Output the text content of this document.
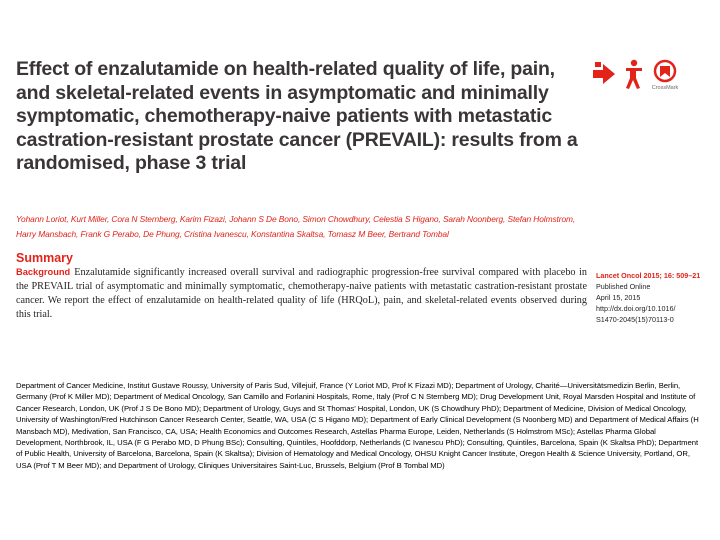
Effect of enzalutamide on health-related quality of life, pain, and skeletal-related events in asymptomatic and minimally symptomatic, chemotherapy-naive patients with metastatic castration-resistant prostate cancer (PREVAIL): results from a randomised, phase 3 trial
CrossMark
Yohann Loriot, Kurt Miller, Cora N Sternberg, Karim Fizazi, Johann S De Bono, Simon Chowdhury, Celestia S Higano, Sarah Noonberg, Stefan Holmstrom, Harry Mansbach, Frank G Perabo, De Phung, Cristina Ivanescu, Konstantina Skaltsa, Tomasz M Beer, Bertrand Tombal
Summary
Background Enzalutamide significantly increased overall survival and radiographic progression-free survival compared with placebo in the PREVAIL trial of asymptomatic and minimally symptomatic, chemotherapy-naive patients with metastatic castration-resistant prostate cancer. We report the effect of enzalutamide on health-related quality of life (HRQoL), pain, and skeletal-related events observed during this trial.
Lancet Oncol 2015; 16: 509–21
Published Online
April 15, 2015
http://dx.doi.org/10.1016/
S1470-2045(15)70113-0
Department of Cancer Medicine, Institut Gustave Roussy, University of Paris Sud, Villejuif, France (Y Loriot MD, Prof K Fizazi MD); Department of Urology, Charité—Universitätsmedizin Berlin, Berlin, Germany (Prof K Miller MD); Department of Medical Oncology, San Camillo and Forlanini Hospitals, Rome, Italy (Prof C N Sternberg MD); Drug Development Unit, Royal Marsden Hospital and Institute of Cancer Research, London, UK (Prof J S De Bono MD); Department of Urology, Guys and St Thomas' Hospital, London, UK (S Chowdhury PhD); Department of Medicine, Division of Medical Oncology, University of Washington/Fred Hutchinson Cancer Research Center, Seattle, WA, USA (C S Higano MD); Department of Early Clinical Development (S Noonberg MD) and Department of Medical Affairs (H Mansbach MD), Medivation, San Francisco, CA, USA; Health Economics and Outcomes Research, Astellas Pharma Europe, Leiden, Netherlands (S Holmstrom MSc); Astellas Pharma Global Development, Northbrook, IL, USA (F G Perabo MD, D Phung BSc); Consulting, Quintiles, Hoofddorp, Netherlands (C Ivanescu PhD); Consulting, Quintiles, Barcelona, Spain (K Skaltsa PhD); Department of Public Health, University of Barcelona, Barcelona, Spain (K Skaltsa); Division of Hematology and Medical Oncology, OHSU Knight Cancer Institute, Oregon Health & Science University, Portland, OR, USA (Prof T M Beer MD); and Department of Urology, Cliniques Universitaires Saint-Luc, Brussels, Belgium (Prof B Tombal MD)
